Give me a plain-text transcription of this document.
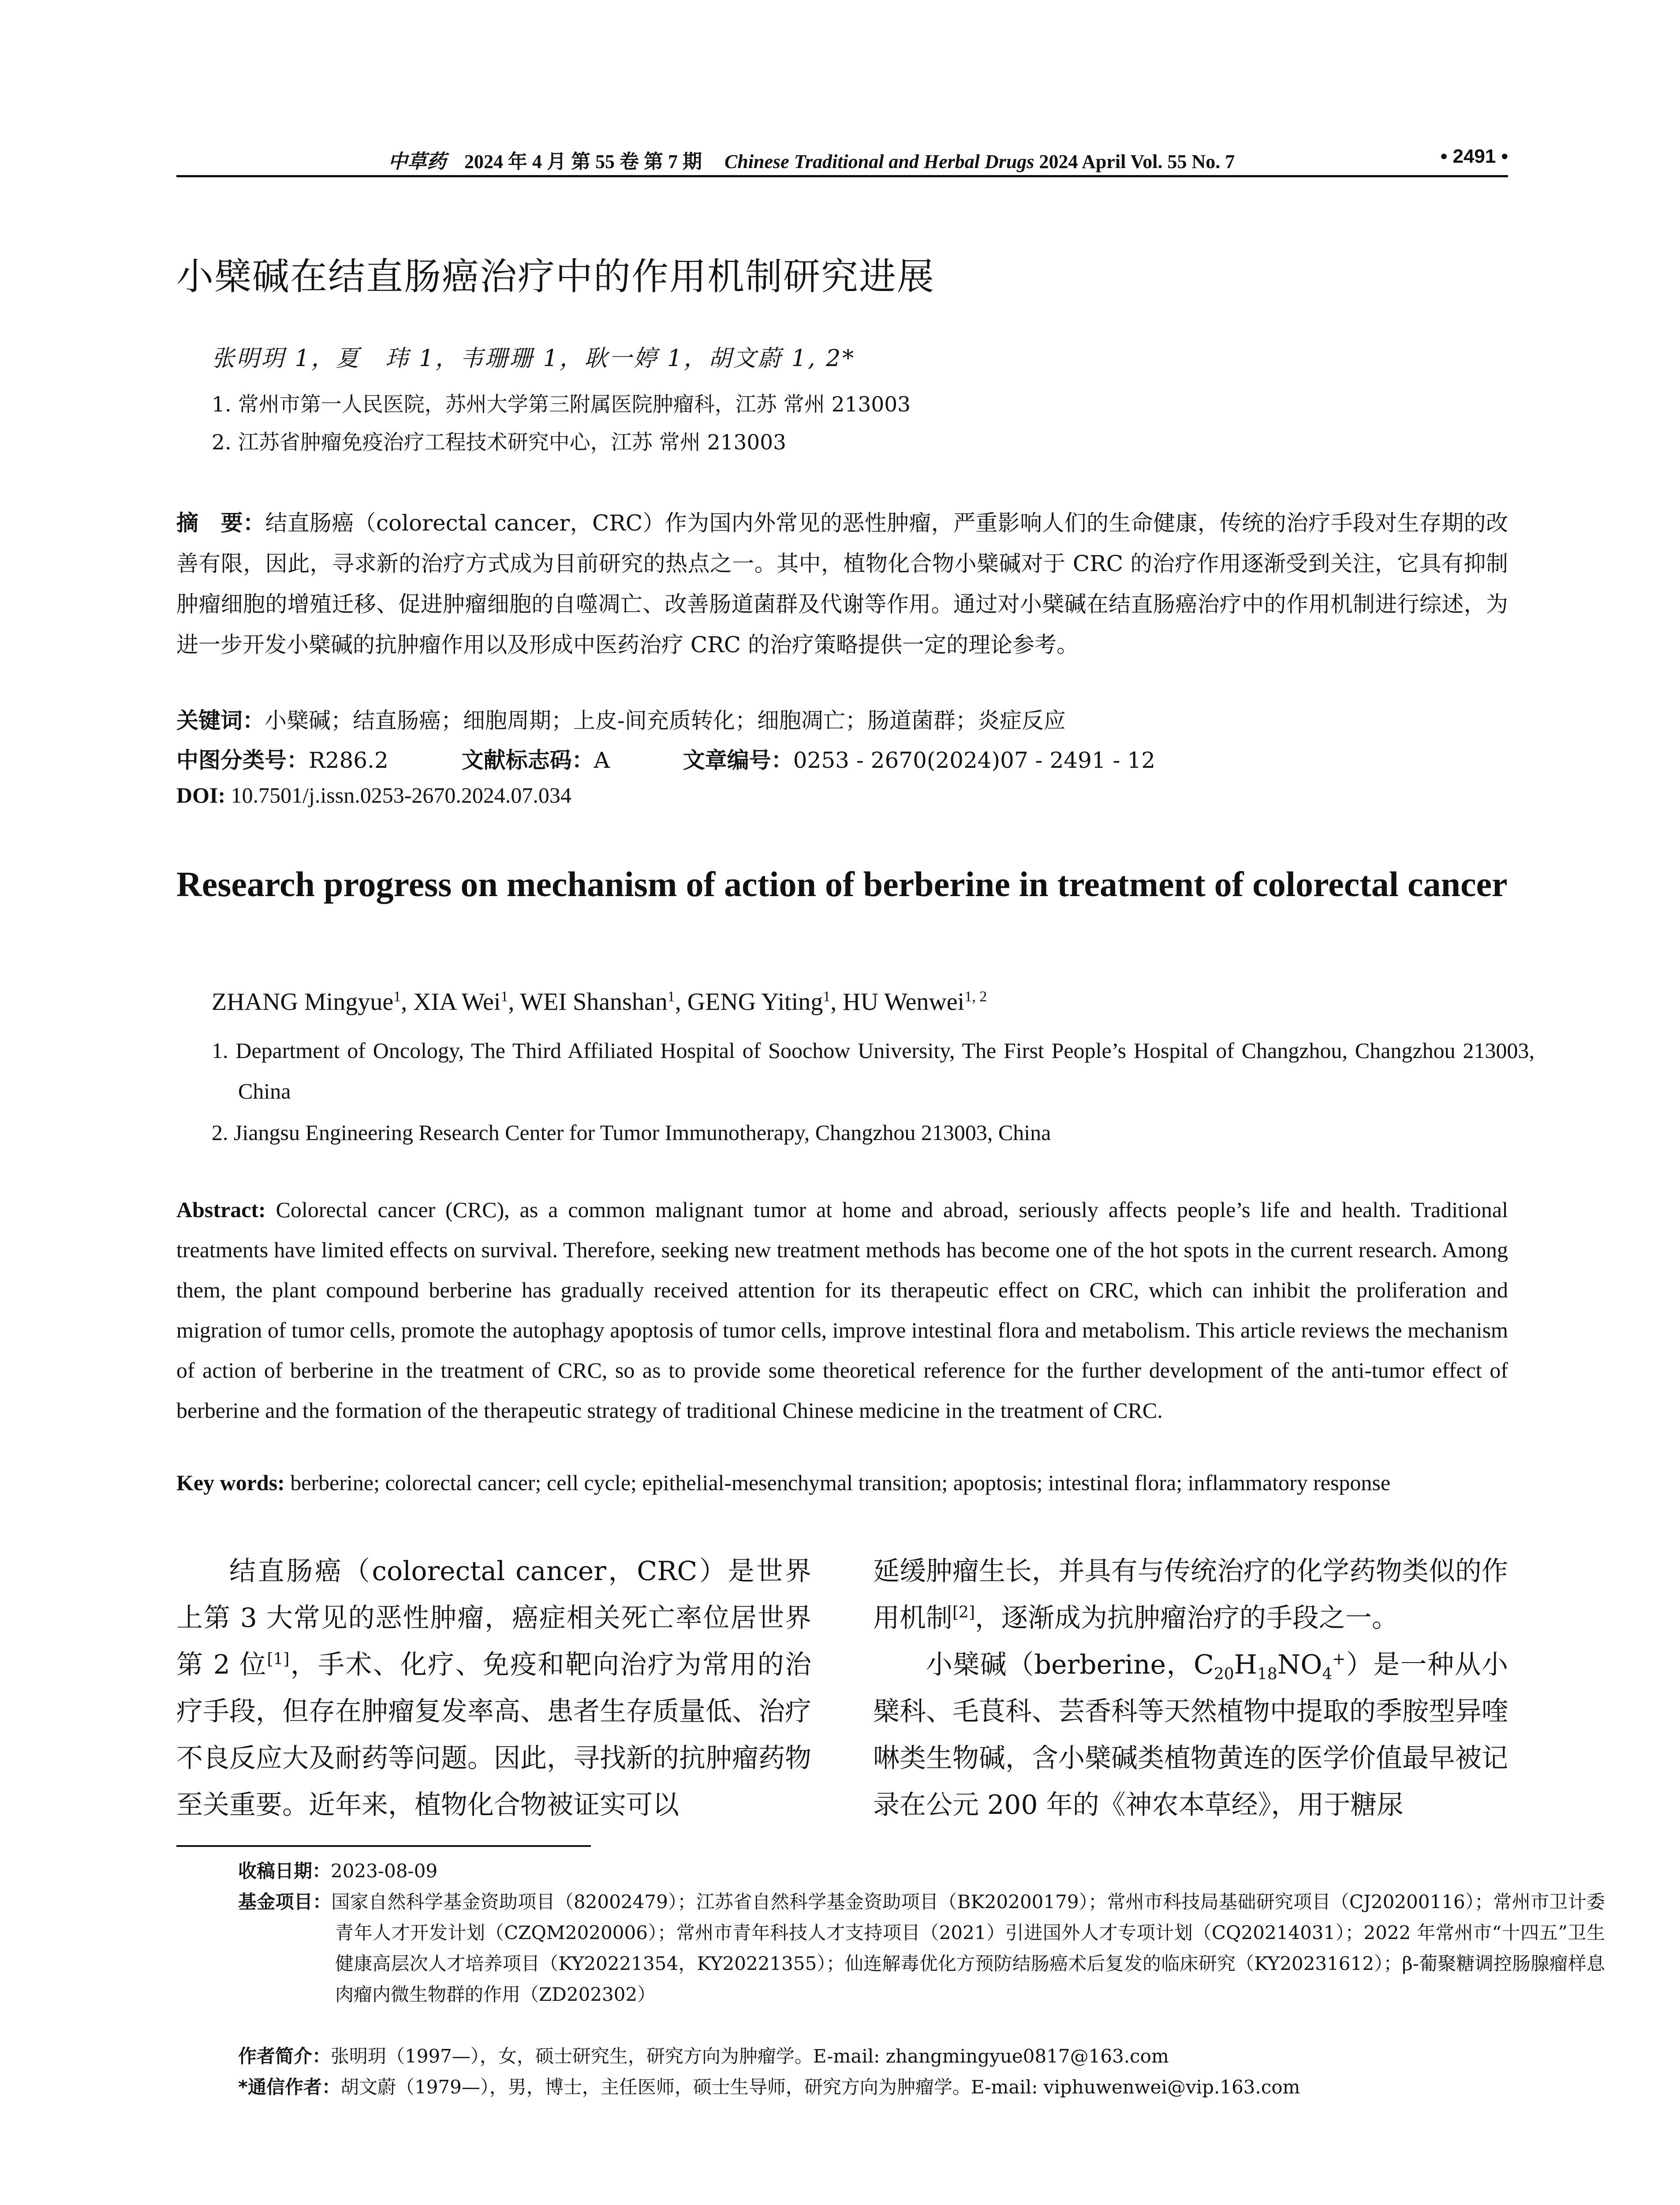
中草药 2024 年 4 月 第 55 卷 第 7 期 Chinese Traditional and Herbal Drugs 2024 April Vol. 55 No. 7	• 2491 •
小檗碱在结直肠癌治疗中的作用机制研究进展
张明玥 1，夏　玮 1，韦珊珊 1，耿一婷 1，胡文蔚 1, 2*
1. 常州市第一人民医院，苏州大学第三附属医院肿瘤科，江苏 常州 213003
2. 江苏省肿瘤免疫治疗工程技术研究中心，江苏 常州 213003
摘　要：结直肠癌（colorectal cancer，CRC）作为国内外常见的恶性肿瘤，严重影响人们的生命健康，传统的治疗手段对生存期的改善有限，因此，寻求新的治疗方式成为目前研究的热点之一。其中，植物化合物小檗碱对于 CRC 的治疗作用逐渐受到关注，它具有抑制肿瘤细胞的增殖迁移、促进肿瘤细胞的自噬凋亡、改善肠道菌群及代谢等作用。通过对小檗碱在结直肠癌治疗中的作用机制进行综述，为进一步开发小檗碱的抗肿瘤作用以及形成中医药治疗 CRC 的治疗策略提供一定的理论参考。
关键词：小檗碱；结直肠癌；细胞周期；上皮-间充质转化；细胞凋亡；肠道菌群；炎症反应
中图分类号：R286.2	文献标志码：A	文章编号：0253 - 2670(2024)07 - 2491 - 12
DOI: 10.7501/j.issn.0253-2670.2024.07.034
Research progress on mechanism of action of berberine in treatment of colorectal cancer
ZHANG Mingyue$^1$, XIA Wei$^1$, WEI Shanshan$^1$, GENG Yiting$^1$, HU Wenwei$^{1, 2}$
1. Department of Oncology, The Third Affiliated Hospital of Soochow University, The First People’s Hospital of Changzhou, Changzhou 213003, China
2. Jiangsu Engineering Research Center for Tumor Immunotherapy, Changzhou 213003, China
Abstract: Colorectal cancer (CRC), as a common malignant tumor at home and abroad, seriously affects people’s life and health. Traditional treatments have limited effects on survival. Therefore, seeking new treatment methods has become one of the hot spots in the current research. Among them, the plant compound berberine has gradually received attention for its therapeutic effect on CRC, which can inhibit the proliferation and migration of tumor cells, promote the autophagy apoptosis of tumor cells, improve intestinal flora and metabolism. This article reviews the mechanism of action of berberine in the treatment of CRC, so as to provide some theoretical reference for the further development of the anti-tumor effect of berberine and the formation of the therapeutic strategy of traditional Chinese medicine in the treatment of CRC.
Key words: berberine; colorectal cancer; cell cycle; epithelial-mesenchymal transition; apoptosis; intestinal flora; inflammatory response

结直肠癌（colorectal cancer，CRC）是世界上第 3 大常见的恶性肿瘤，癌症相关死亡率位居世界第 2 位[1]，手术、化疗、免疫和靶向治疗为常用的治疗手段，但存在肿瘤复发率高、患者生存质量低、治疗不良反应大及耐药等问题。因此，寻找新的抗肿瘤药物至关重要。近年来，植物化合物被证实可以

延缓肿瘤生长，并具有与传统治疗的化学药物类似的作用机制[2]，逐渐成为抗肿瘤治疗的手段之一。

小檗碱（berberine，$C_{20}H_{18}NO_4^+$）是一种从小檗科、毛茛科、芸香科等天然植物中提取的季胺型异喹啉类生物碱，含小檗碱类植物黄连的医学价值最早被记录在公元 200 年的《神农本草经》，用于糖尿

收稿日期：2023-08-09
基金项目：国家自然科学基金资助项目（82002479）；江苏省自然科学基金资助项目（BK20200179）；常州市科技局基础研究项目（CJ20200116）；常州市卫计委青年人才开发计划（CZQM2020006）；常州市青年科技人才支持项目（2021）引进国外人才专项计划（CQ20214031）；2022 年常州市“十四五”卫生健康高层次人才培养项目（KY20221354，KY20221355）；仙连解毒优化方预防结肠癌术后复发的临床研究（KY20231612）；β-葡聚糖调控肠腺瘤样息肉瘤内微生物群的作用（ZD202302）
作者简介：张明玥（1997—），女，硕士研究生，研究方向为肿瘤学。E-mail: zhangmingyue0817@163.com
*通信作者：胡文蔚（1979—），男，博士，主任医师，硕士生导师，研究方向为肿瘤学。E-mail: viphuwenwei@vip.163.com
